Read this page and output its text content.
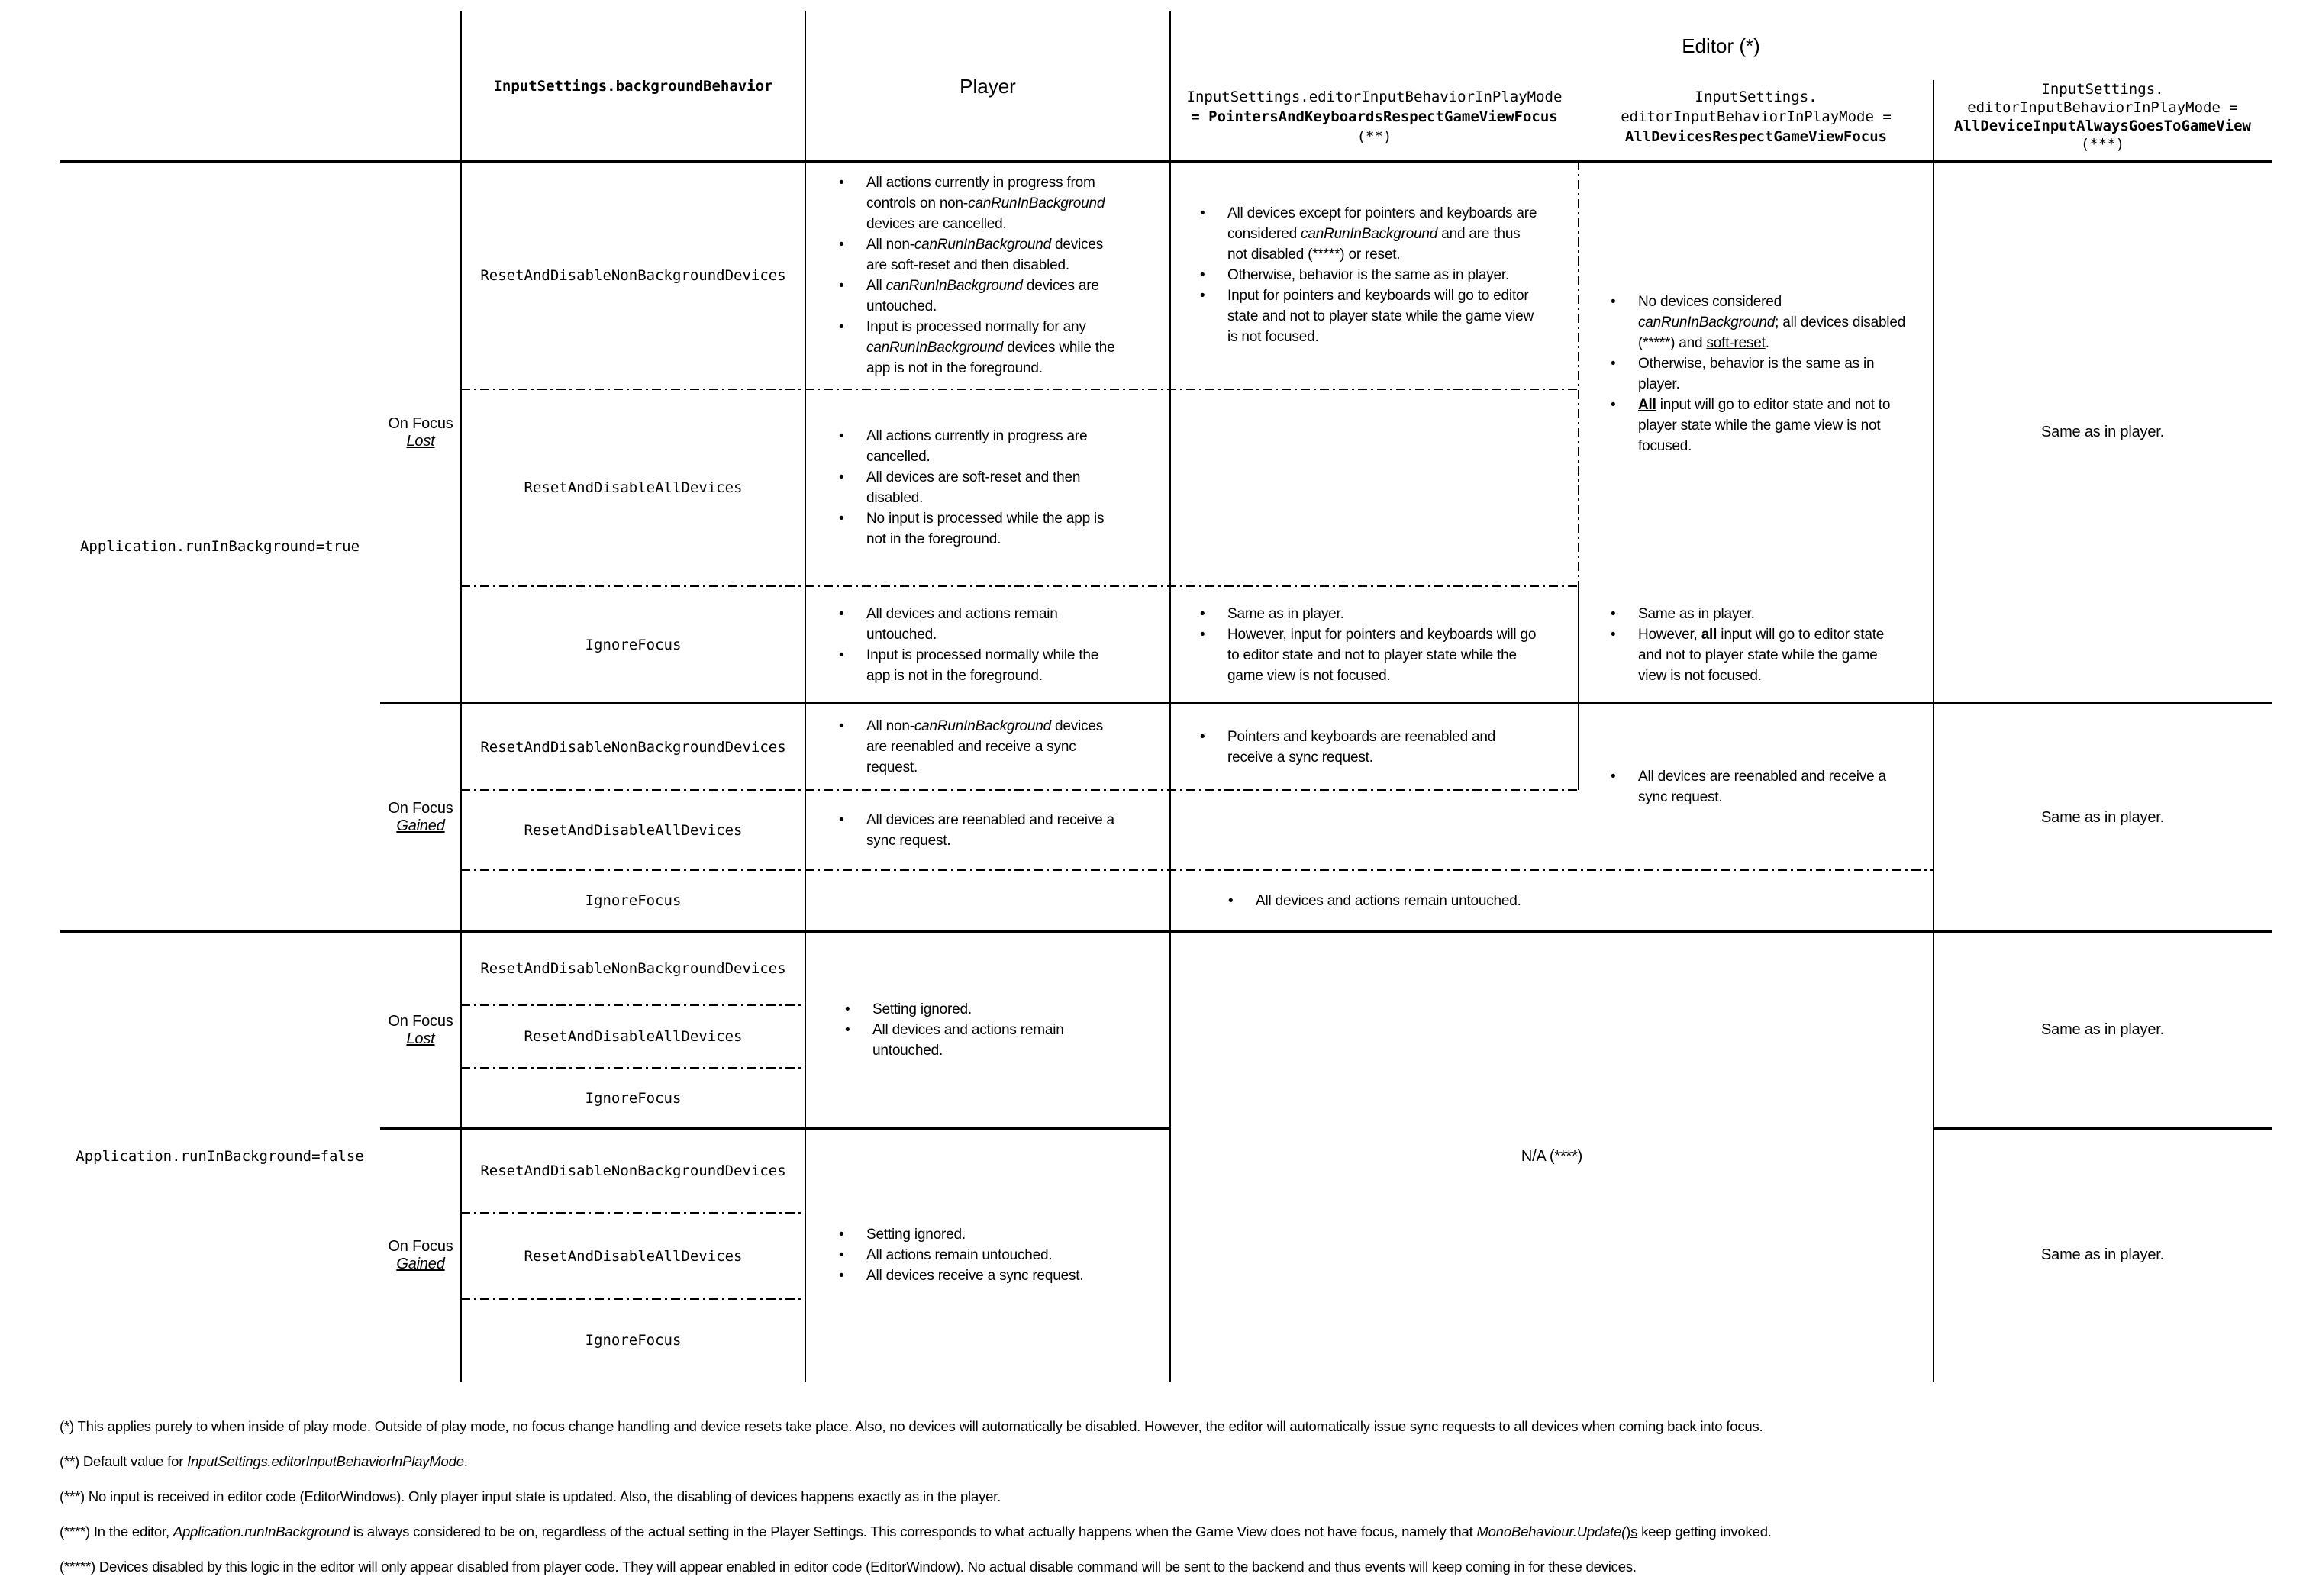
InputSettings.backgroundBehavior	Player
Editor (*)
InputSettings.editorInputBehaviorInPlayMode
= PointersAndKeyboardsRespectGameViewFocus
(**)
InputSettings.
editorInputBehaviorInPlayMode =
AllDevicesRespectGameViewFocus
InputSettings.
editorInputBehaviorInPlayMode =
AllDeviceInputAlwaysGoesToGameView
(***)
Application.runInBackground=true
Application.runInBackground=false
On Focus
Lost
On Focus
Gained
On Focus
Lost
On Focus
Gained
ResetAndDisableNonBackgroundDevices
ResetAndDisableAllDevices
IgnoreFocus
ResetAndDisableNonBackgroundDevices
ResetAndDisableAllDevices
IgnoreFocus
ResetAndDisableNonBackgroundDevices
ResetAndDisableAllDevices
IgnoreFocus
ResetAndDisableNonBackgroundDevices
ResetAndDisableAllDevices
IgnoreFocus
• All actions currently in progress from controls on non-canRunInBackground devices are cancelled.
• All non-canRunInBackground devices are soft-reset and then disabled.
• All canRunInBackground devices are untouched.
• Input is processed normally for any canRunInBackground devices while the app is not in the foreground.
• All actions currently in progress are cancelled.
• All devices are soft-reset and then disabled.
• No input is processed while the app is not in the foreground.
• All devices and actions remain untouched.
• Input is processed normally while the app is not in the foreground.
• All devices except for pointers and keyboards are considered canRunInBackground and are thus not disabled (*****) or reset.
• Otherwise, behavior is the same as in player.
• Input for pointers and keyboards will go to editor state and not to player state while the game view is not focused.
• Same as in player.
• However, input for pointers and keyboards will go to editor state and not to player state while the game view is not focused.
• No devices considered canRunInBackground; all devices disabled (*****) and soft-reset.
• Otherwise, behavior is the same as in player.
• All input will go to editor state and not to player state while the game view is not focused.
• Same as in player.
• However, all input will go to editor state and not to player state while the game view is not focused.
Same as in player.
• All non-canRunInBackground devices are reenabled and receive a sync request.
• All devices are reenabled and receive a sync request.
• Pointers and keyboards are reenabled and receive a sync request.
• All devices are reenabled and receive a sync request.
• All devices and actions remain untouched.
Same as in player.
• Setting ignored.
• All devices and actions remain untouched.
Same as in player.
• Setting ignored.
• All actions remain untouched.
• All devices receive a sync request.
Same as in player.
N/A (****)
(*) This applies purely to when inside of play mode. Outside of play mode, no focus change handling and device resets take place. Also, no devices will automatically be disabled. However, the editor will automatically issue sync requests to all devices when coming back into focus.
(**) Default value for InputSettings.editorInputBehaviorInPlayMode.
(***) No input is received in editor code (EditorWindows). Only player input state is updated. Also, the disabling of devices happens exactly as in the player.
(****) In the editor, Application.runInBackground is always considered to be on, regardless of the actual setting in the Player Settings. This corresponds to what actually happens when the Game View does not have focus, namely that MonoBehaviour.Update()s keep getting invoked.
(*****) Devices disabled by this logic in the editor will only appear disabled from player code. They will appear enabled in editor code (EditorWindow). No actual disable command will be sent to the backend and thus events will keep coming in for these devices.
